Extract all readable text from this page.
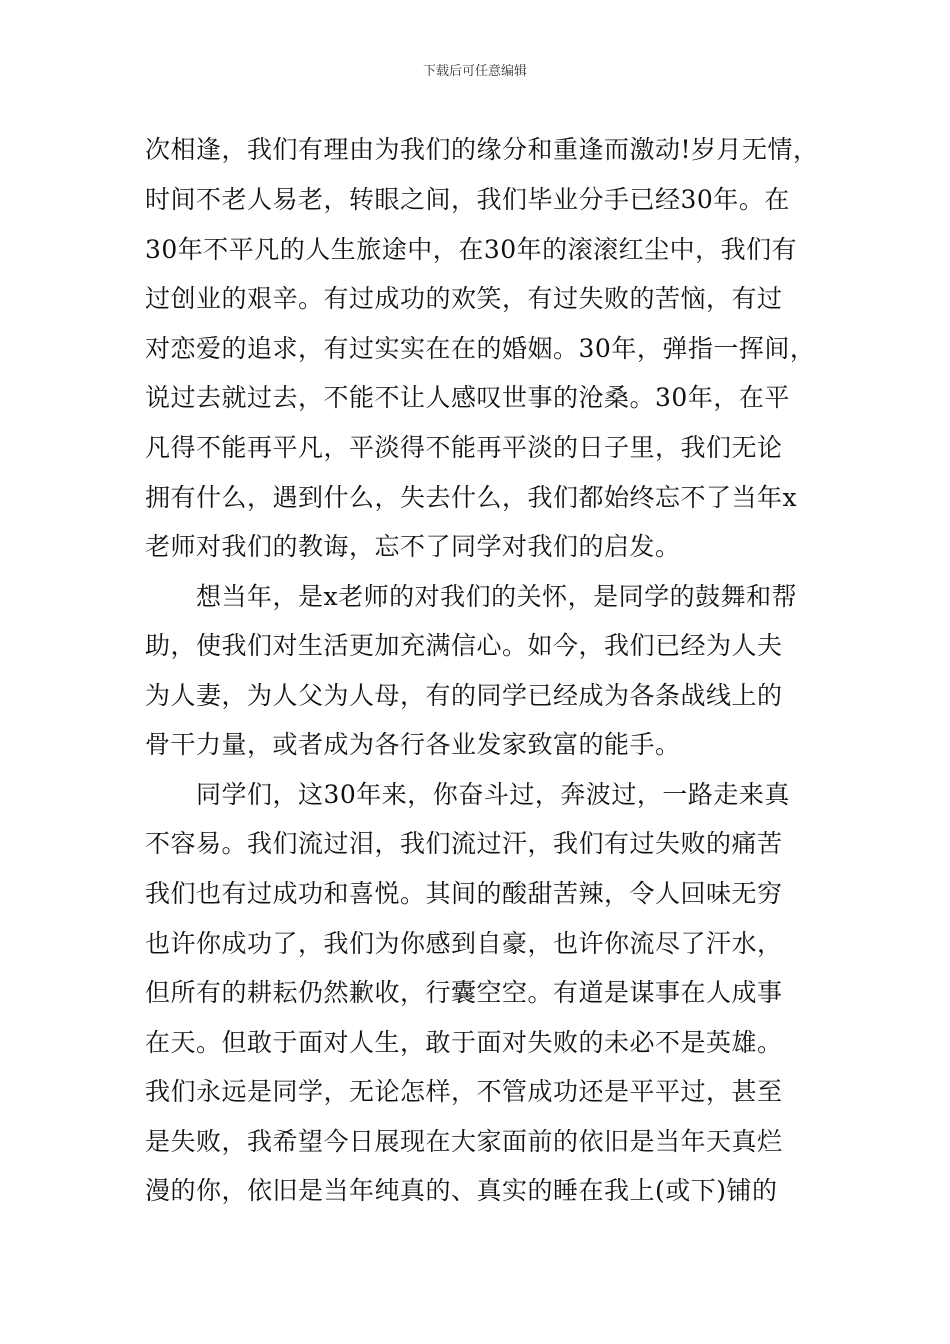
下载后可任意编辑
次相逢，我们有理由为我们的缘分和重逢而激动!岁月无情，
时间不老人易老，转眼之间，我们毕业分手已经30年。在
30年不平凡的人生旅途中，在30年的滚滚红尘中，我们有
过创业的艰辛。有过成功的欢笑，有过失败的苦恼，有过
对恋爱的追求，有过实实在在的婚姻。30年，弹指一挥间，
说过去就过去，不能不让人感叹世事的沧桑。30年，在平
凡得不能再平凡，平淡得不能再平淡的日子里，我们无论
拥有什么，遇到什么，失去什么，我们都始终忘不了当年x
老师对我们的教诲，忘不了同学对我们的启发。
　　想当年，是x老师的对我们的关怀，是同学的鼓舞和帮
助，使我们对生活更加充满信心。如今，我们已经为人夫
为人妻，为人父为人母，有的同学已经成为各条战线上的
骨干力量，或者成为各行各业发家致富的能手。
　　同学们，这30年来，你奋斗过，奔波过，一路走来真
不容易。我们流过泪，我们流过汗，我们有过失败的痛苦
我们也有过成功和喜悦。其间的酸甜苦辣，令人回味无穷
也许你成功了，我们为你感到自豪，也许你流尽了汗水，
但所有的耕耘仍然歉收，行囊空空。有道是谋事在人成事
在天。但敢于面对人生，敢于面对失败的未必不是英雄。
我们永远是同学，无论怎样，不管成功还是平平过，甚至
是失败，我希望今日展现在大家面前的依旧是当年天真烂
漫的你，依旧是当年纯真的、真实的睡在我上(或下)铺的
